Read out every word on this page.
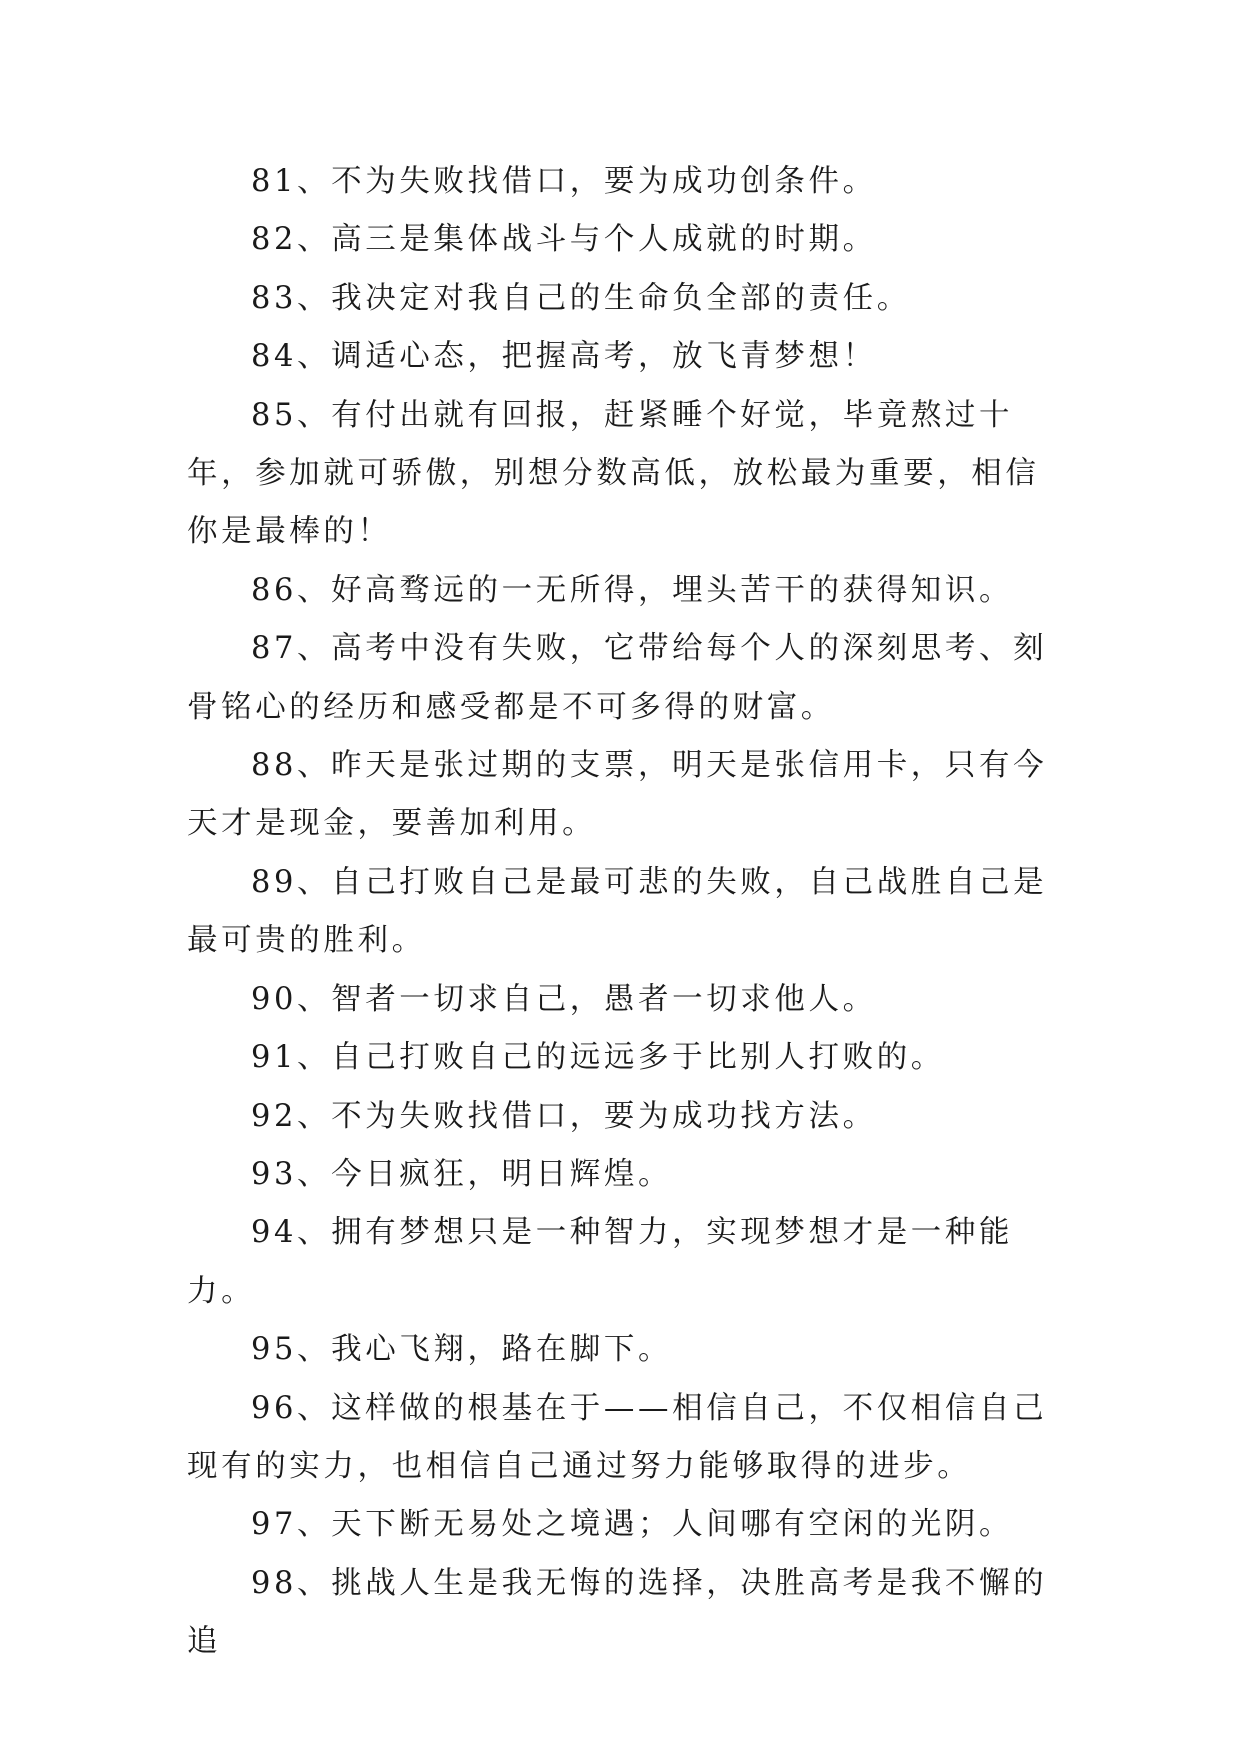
81、不为失败找借口，要为成功创条件。

82、高三是集体战斗与个人成就的时期。

83、我决定对我自己的生命负全部的责任。

84、调适心态，把握高考，放飞青梦想！

85、有付出就有回报，赶紧睡个好觉，毕竟熬过十年，参加就可骄傲，别想分数高低，放松最为重要，相信你是最棒的！

86、好高骛远的一无所得，埋头苦干的获得知识。

87、高考中没有失败，它带给每个人的深刻思考、刻骨铭心的经历和感受都是不可多得的财富。

88、昨天是张过期的支票，明天是张信用卡，只有今天才是现金，要善加利用。

89、自己打败自己是最可悲的失败，自己战胜自己是最可贵的胜利。

90、智者一切求自己，愚者一切求他人。

91、自己打败自己的远远多于比别人打败的。

92、不为失败找借口，要为成功找方法。

93、今日疯狂，明日辉煌。

94、拥有梦想只是一种智力，实现梦想才是一种能力。

95、我心飞翔，路在脚下。

96、这样做的根基在于——相信自己，不仅相信自己现有的实力，也相信自己通过努力能够取得的进步。

97、天下断无易处之境遇；人间哪有空闲的光阴。

98、挑战人生是我无悔的选择，决胜高考是我不懈的追
